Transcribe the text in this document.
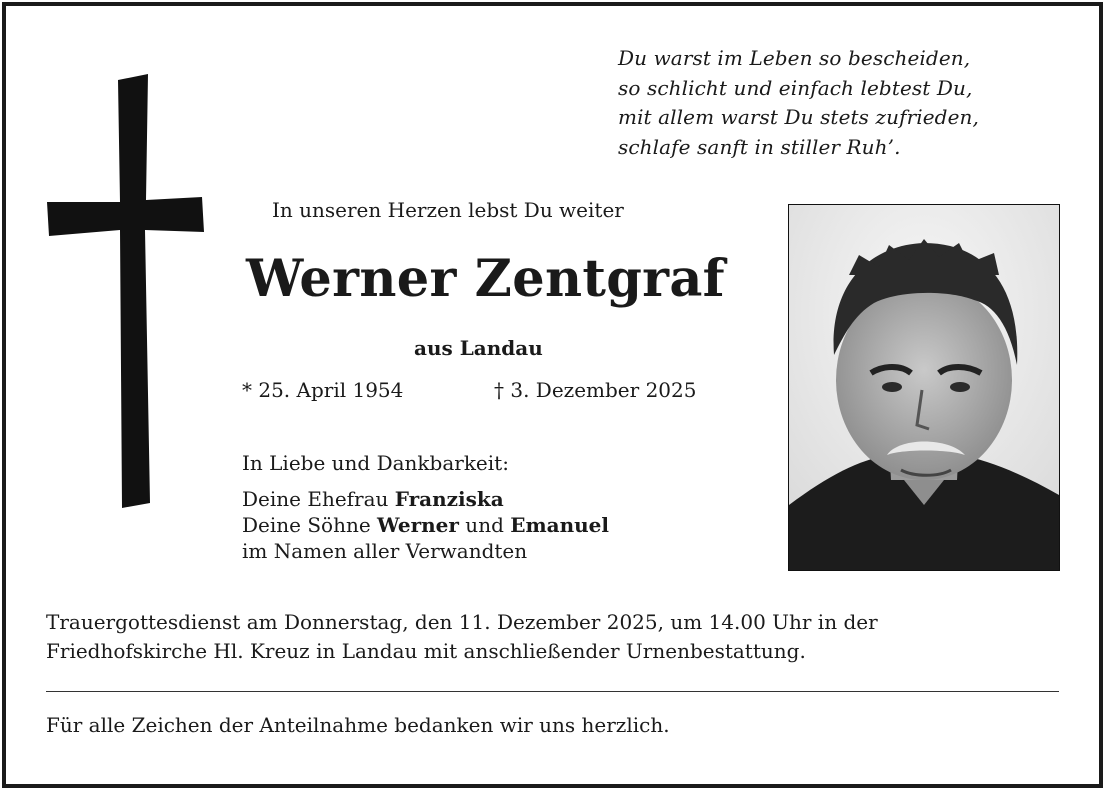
Du warst im Leben so bescheiden,
so schlicht und einfach lebtest Du,
mit allem warst Du stets zufrieden,
schlafe sanft in stiller Ruh’.
In unseren Herzen lebst Du weiter
Werner Zentgraf
aus Landau
* 25. April 1954	† 3. Dezember 2025
In Liebe und Dankbarkeit:
Deine Ehefrau Franziska
Deine Söhne Werner und Emanuel
im Namen aller Verwandten
Trauergottesdienst am Donnerstag, den 11. Dezember 2025, um 14.00 Uhr in der
Friedhofskirche Hl. Kreuz in Landau mit anschließender Urnenbestattung.
Für alle Zeichen der Anteilnahme bedanken wir uns herzlich.
